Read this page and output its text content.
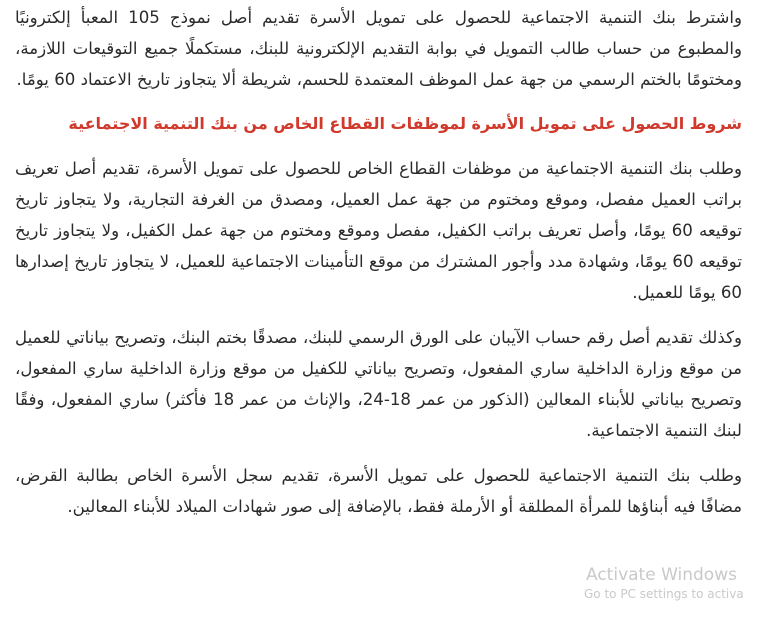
واشترط بنك التنمية الاجتماعية للحصول على تمويل الأسرة تقديم أصل نموذج 105 المعبأ إلكترونيًا والمطبوع من حساب طالب التمويل في بوابة التقديم الإلكترونية للبنك، مستكملًا جميع التوقيعات اللازمة، ومختومًا بالختم الرسمي من جهة عمل الموظف المعتمدة للحسم، شريطة ألا يتجاوز تاريخ الاعتماد 60 يومًا.

شروط الحصول على تمويل الأسرة لموظفات القطاع الخاص من بنك التنمية الاجتماعية

وطلب بنك التنمية الاجتماعية من موظفات القطاع الخاص للحصول على تمويل الأسرة، تقديم أصل تعريف براتب العميل مفصل، وموقع ومختوم من جهة عمل العميل، ومصدق من الغرفة التجارية، ولا يتجاوز تاريخ توقيعه 60 يومًا، وأصل تعريف براتب الكفيل، مفصل وموقع ومختوم من جهة عمل الكفيل، ولا يتجاوز تاريخ توقيعه 60 يومًا، وشهادة مدد وأجور المشترك من موقع التأمينات الاجتماعية للعميل، لا يتجاوز تاريخ إصدارها 60 يومًا للعميل.

وكذلك تقديم أصل رقم حساب الآيبان على الورق الرسمي للبنك، مصدقًا بختم البنك، وتصريح بياناتي للعميل من موقع وزارة الداخلية ساري المفعول، وتصريح بياناتي للكفيل من موقع وزارة الداخلية ساري المفعول، وتصريح بياناتي للأبناء المعالين (الذكور من عمر 18-24، والإناث من عمر 18 فأكثر) ساري المفعول، وفقًا لبنك التنمية الاجتماعية.

وطلب بنك التنمية الاجتماعية للحصول على تمويل الأسرة، تقديم سجل الأسرة الخاص بطالبة القرض، مضافًا فيه أبناؤها للمرأة المطلقة أو الأرملة فقط، بالإضافة إلى صور شهادات الميلاد للأبناء المعالين.

Activate Windows
Go to PC settings to activa
